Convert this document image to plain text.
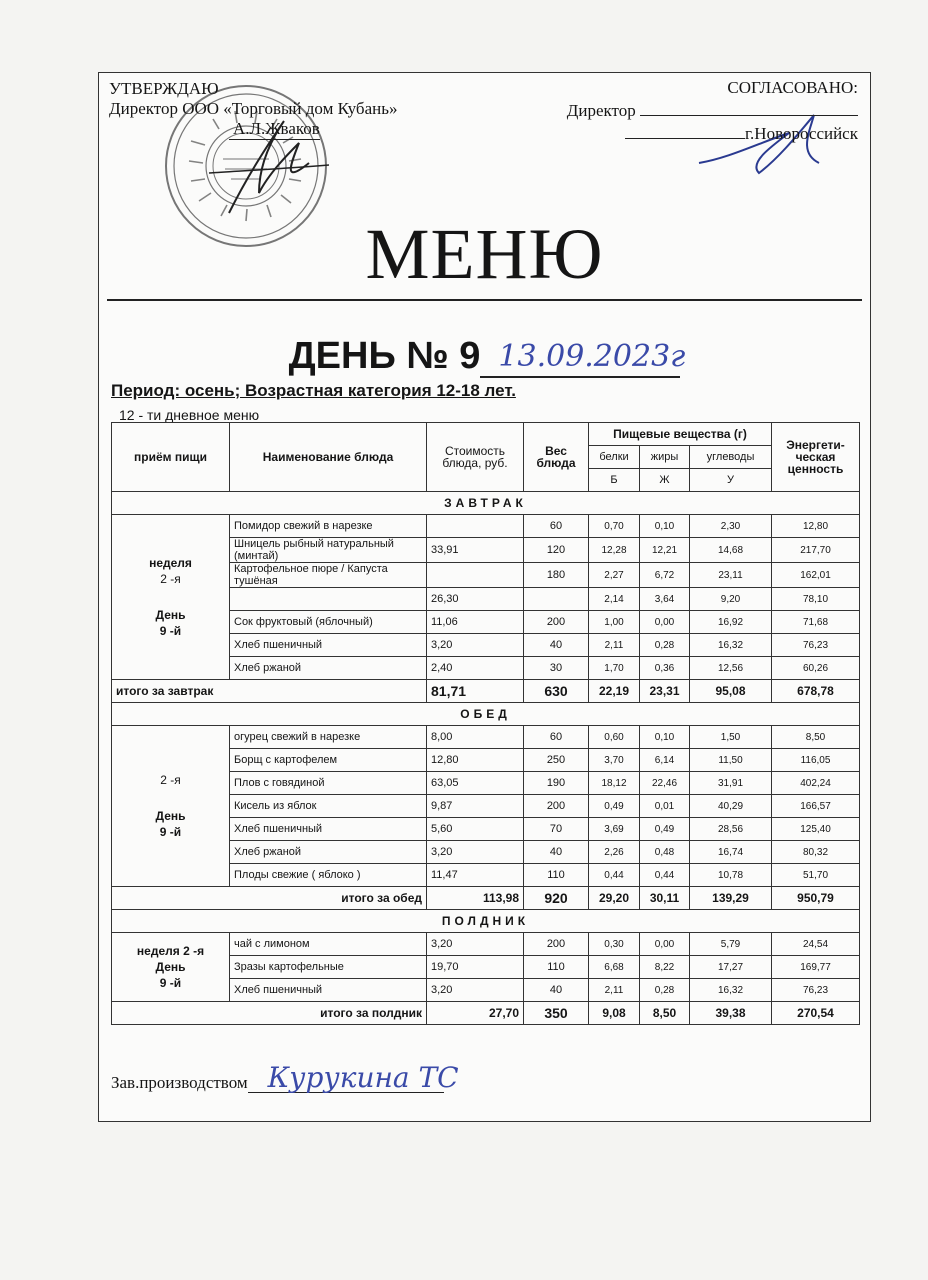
УТВЕРЖДАЮ
Директор ООО «Торговый дом Кубань»
А.Л.Жваков
СОГЛАСОВАНО:
Директор
г.Новороссийск
МЕНЮ
ДЕНЬ № 9 13.09.2023г
Период: осень; Возрастная категория 12-18 лет.
12 - ти дневное меню
приём пищи	Наименование блюда	Стоимость блюда, руб.	Вес блюда	Пищевые вещества (г)			Энергети-ческая ценность
				белки	жиры	углеводы	
				Б	Ж	У	
ЗАВТРАК							

неделя
2 -я
День
9 -й	Помидор свежий в нарезке		60	0,70	0,10	2,30	12,80
	Шницель рыбный натуральный (минтай)	33,91	120	12,28	12,21	14,68	217,70
	Картофельное пюре / Капуста тушёная		180	2,27	6,72	23,11	162,01
		26,30		2,14	3,64	9,20	78,10
	Сок фруктовый (яблочный)	11,06	200	1,00	0,00	16,92	71,68
	Хлеб пшеничный	3,20	40	2,11	0,28	16,32	76,23
	Хлеб ржаной	2,40	30	1,70	0,36	12,56	60,26
итого за завтрак		81,71	630	22,19	23,31	95,08	678,78
ОБЕД							

2 -я
День
9 -й	огурец свежий в нарезке	8,00	60	0,60	0,10	1,50	8,50
	Борщ с картофелем	12,80	250	3,70	6,14	11,50	116,05
	Плов с говядиной	63,05	190	18,12	22,46	31,91	402,24
	Кисель из яблок	9,87	200	0,49	0,01	40,29	166,57
	Хлеб пшеничный	5,60	70	3,69	0,49	28,56	125,40
	Хлеб ржаной	3,20	40	2,26	0,48	16,74	80,32
	Плоды свежие ( яблоко )	11,47	110	0,44	0,44	10,78	51,70
итого за обед		113,98	920	29,20	30,11	139,29	950,79
ПОЛДНИК							

неделя 2 -я
День
9 -й	чай с лимоном	3,20	200	0,30	0,00	5,79	24,54
	Зразы картофельные	19,70	110	6,68	8,22	17,27	169,77
	Хлеб пшеничный	3,20	40	2,11	0,28	16,32	76,23
итого за полдник		27,70	350	9,08	8,50	39,38	270,54
Зав.производством Курукина ТС
